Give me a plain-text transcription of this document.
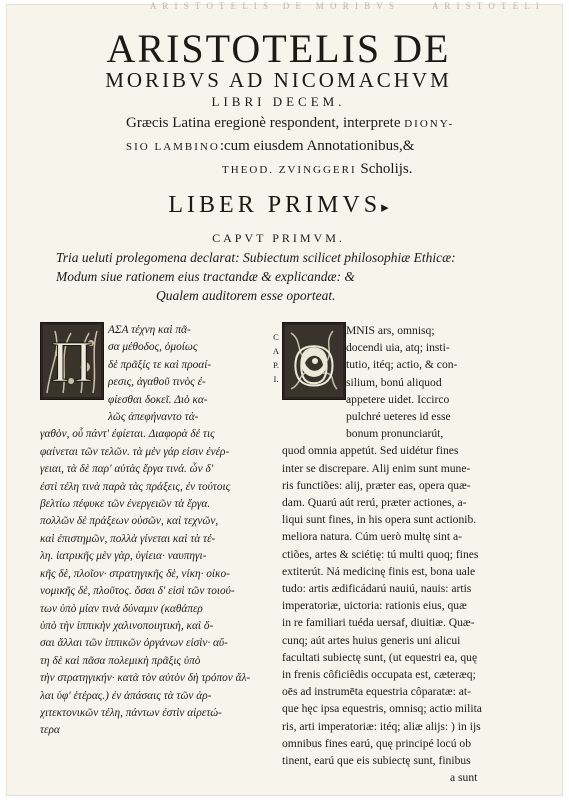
A R I S T O T E L I S   D E   M O R I B V S	A R I S T O T E L I
ARISTOTELIS DE
MORIBVS AD NICOMACHVM
LIBRI DECEM.
Græcis Latina eregionè respondent, interprete DIONY-
SIO LAMBINO:cum eiusdem Annotationibus,&
THEOD. ZVINGGERI Scholijs.
LIBER PRIMVS▸
CAPVT PRIMVM.
Tria ueluti prolegomena declarat: Subiectum scilicet philosophiæ Ethicæ:
Modum siue rationem eius tractandæ & explicandæ: &
Qualem auditorem esse oporteat.
ΑΣΑ τέχνη καὶ πᾶ-
σα μέθοδος, ὁμοίως
δὲ πρᾶξίς τε καὶ προαί-
ρεσις, ἀγαθοῦ τινὸς ἐ-
φίεσθαι δοκεῖ. Διὸ κα-
λῶς ἀπεφήναντο τἀ-
γαθὸν, οὗ πάντ' ἐφίεται. Διαφορὰ δέ τις
φαίνεται τῶν τελῶν. τὰ μὲν γάρ εἰσιν ἐνέρ-
γειαι, τὰ δὲ παρ' αὐτὰς ἔργα τινά. ὧν δ'
ἐστὶ τέλη τινὰ παρὰ τὰς πράξεις, ἐν τούτοις
βελτίω πέφυκε τῶν ἐνεργειῶν τὰ ἔργα.
πολλῶν δὲ πράξεων οὐσῶν, καὶ τεχνῶν,
καὶ ἐπιστημῶν, πολλὰ γίνεται καὶ τὰ τέ-
λη. ἰατρικῆς μὲν γὰρ, ὑγίεια· ναυπηγι-
κῆς δὲ, πλοῖον· στρατηγικῆς δὲ, νίκη· οἰκο-
νομικῆς δὲ, πλοῦτος. ὅσαι δ' εἰσὶ τῶν τοιού-
των ὑπὸ μίαν τινὰ δύναμιν (καθάπερ
ὑπὸ τὴν ἱππικὴν χαλινοποιητικὴ, καὶ ὅ-
σαι ἄλλαι τῶν ἱππικῶν ὀργάνων εἰσὶν· αὕ-
τη δὲ καὶ πᾶσα πολεμικὴ πρᾶξις ὑπὸ
τὴν στρατηγικήν· κατὰ τὸν αὐτὸν δὴ τρόπον ἄλ-
λαι ὑφ' ἑτέρας.) ἐν ἁπάσαις τὰ τῶν ἀρ-
χιτεκτονικῶν τέλη, πάντων ἐστὶν αἱρετώ-
τερα
MNIS ars, omnisq;
docendi uia, atq; insti-
tutio, itéq; actio, & con-
silium, bonú aliquod
appetere uidet. Iccirco
pulchré ueteres id esse
bonum pronunciarút,
quod omnia appetút. Sed uidétur fines
inter se discrepare. Alij enim sunt mune-
ris functiões: alij, præter eas, opera quæ-
dam. Quarú aút rerú, præter actiones, a-
liqui sunt fines, in his opera sunt actionib.
meliora natura. Cúm uerò multę sint a-
ctiões, artes & sciétię: tú multi quoq; fines
extiterút. Ná medicinę finis est, bona uale
tudo: artis ædificádarú nauiú, nauis: artis
imperatoriæ, uictoria: rationis eius, quæ
in re familiari tuéda uersaf, diuitiæ. Quæ-
cunq; aút artes huius generis uni alicui
facultati subiectę sunt, (ut equestri ea, quę
in frenis côficiêdis occupata est, cæteræq;
oēs ad instrumēta equestria côparatæ: at-
que hęc ipsa equestris, omnisq; actio milita
ris, arti imperatoriæ: itéq; aliæ alijs: ) in ijs
omnibus fines earú, quę principé locú ob
tinent, earú que eis subiectę sunt, finibus
a sunt
C
A
P.
I.
Π	O
